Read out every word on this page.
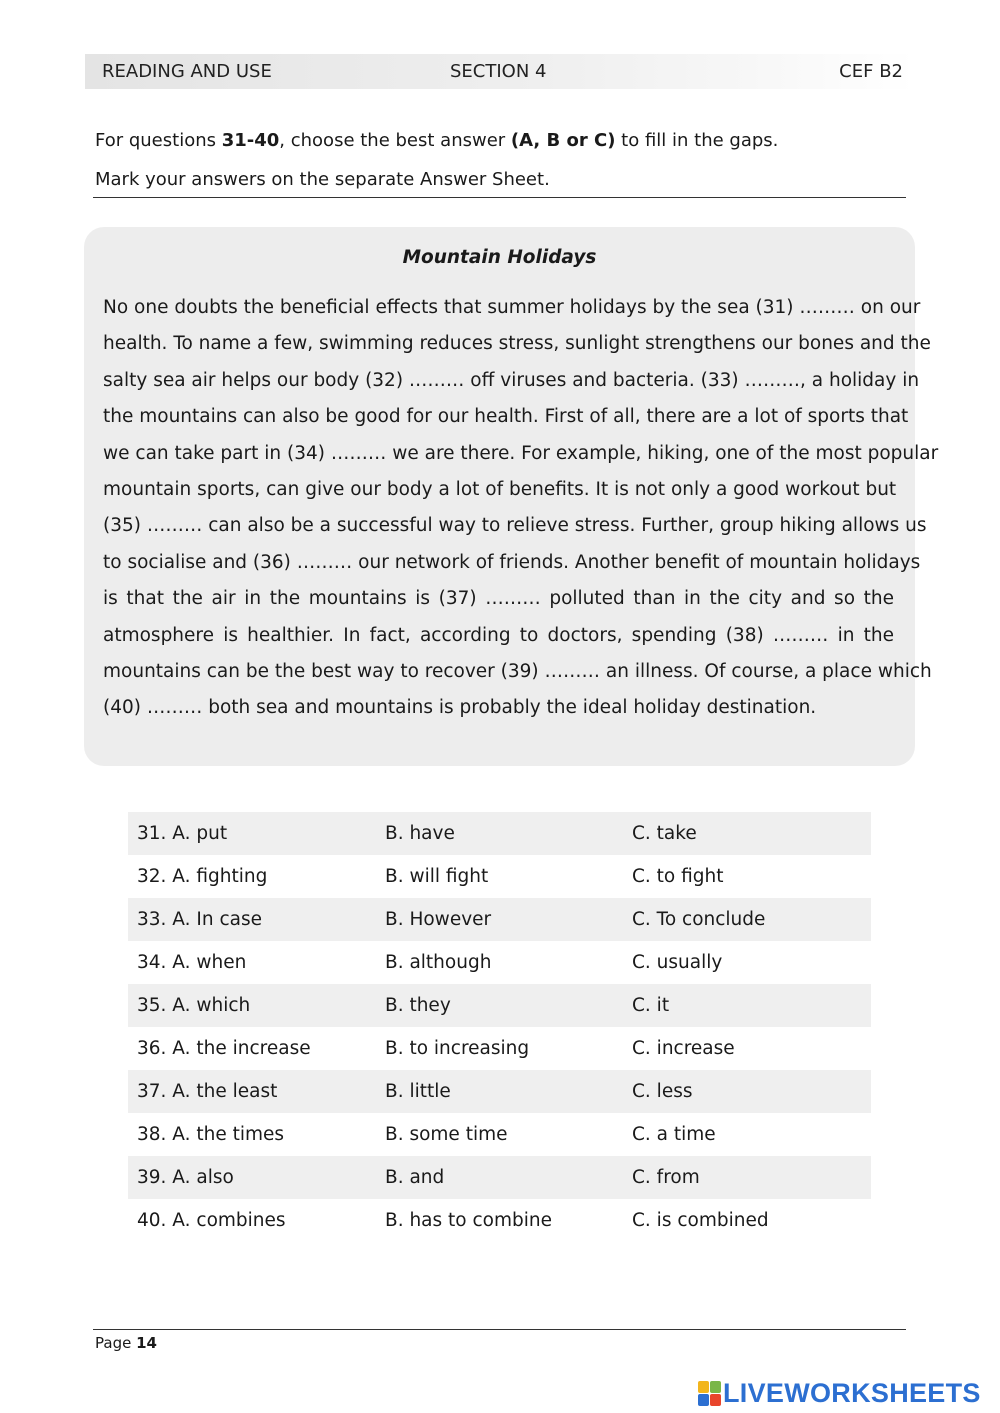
READING AND USE	SECTION 4	CEF B2
For questions 31-40, choose the best answer (A, B or C) to fill in the gaps.
Mark your answers on the separate Answer Sheet.
Mountain Holidays
No one doubts the beneficial effects that summer holidays by the sea (31) ……… on our
health. To name a few, swimming reduces stress, sunlight strengthens our bones and the
salty sea air helps our body (32) ……… off viruses and bacteria. (33) ………, a holiday in
the mountains can also be good for our health. First of all, there are a lot of sports that
we can take part in (34) ……… we are there. For example, hiking, one of the most popular
mountain sports, can give our body a lot of benefits. It is not only a good workout but
(35) ……… can also be a successful way to relieve stress. Further, group hiking allows us
to socialise and (36) ……… our network of friends. Another benefit of mountain holidays
is that the air in the mountains is (37) ……… polluted than in the city and so the
atmosphere is healthier. In fact, according to doctors, spending (38) ……… in the
mountains can be the best way to recover (39) ……… an illness. Of course, a place which
(40) ……… both sea and mountains is probably the ideal holiday destination.
31. A. put	B. have	C. take
32. A. fighting	B. will fight	C. to fight
33. A. In case	B. However	C. To conclude
34. A. when	B. although	C. usually
35. A. which	B. they	C. it
36. A. the increase	B. to increasing	C. increase
37. A. the least	B. little	C. less
38. A. the times	B. some time	C. a time
39. A. also	B. and	C. from
40. A. combines	B. has to combine	C. is combined
Page 14
LIVEWORKSHEETS
